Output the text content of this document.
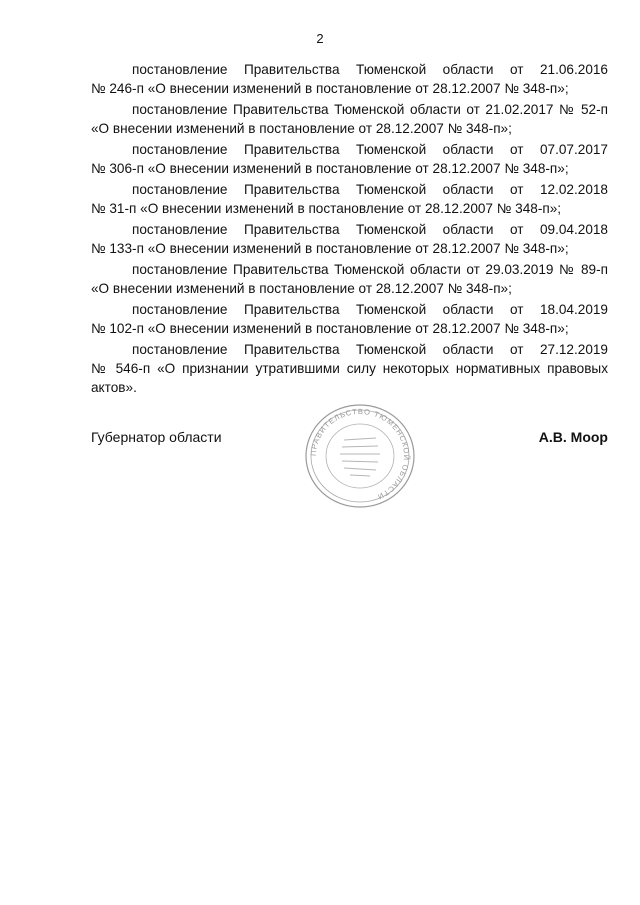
2

постановление Правительства Тюменской области от 21.06.2016
№ 246-п «О внесении изменений в постановление от 28.12.2007 № 348-п»;

постановление Правительства Тюменской области от 21.02.2017 № 52-п
«О внесении изменений в постановление от 28.12.2007 № 348-п»;

постановление Правительства Тюменской области от 07.07.2017
№ 306-п «О внесении изменений в постановление от 28.12.2007 № 348-п»;

постановление Правительства Тюменской области от 12.02.2018
№ 31-п «О внесении изменений в постановление от 28.12.2007 № 348-п»;

постановление Правительства Тюменской области от 09.04.2018
№ 133-п «О внесении изменений в постановление от 28.12.2007 № 348-п»;

постановление Правительства Тюменской области от 29.03.2019 № 89-п
«О внесении изменений в постановление от 28.12.2007 № 348-п»;

постановление Правительства Тюменской области от 18.04.2019
№ 102-п «О внесении изменений в постановление от 28.12.2007 № 348-п»;

постановление Правительства Тюменской области от 27.12.2019
№ 546-п «О признании утратившими силу некоторых нормативных правовых
актов».

Губернатор области	А.В. Моор
ПРАВИТЕЛЬСТВО ТЮМЕНСКОЙ ОБЛАСТИ
